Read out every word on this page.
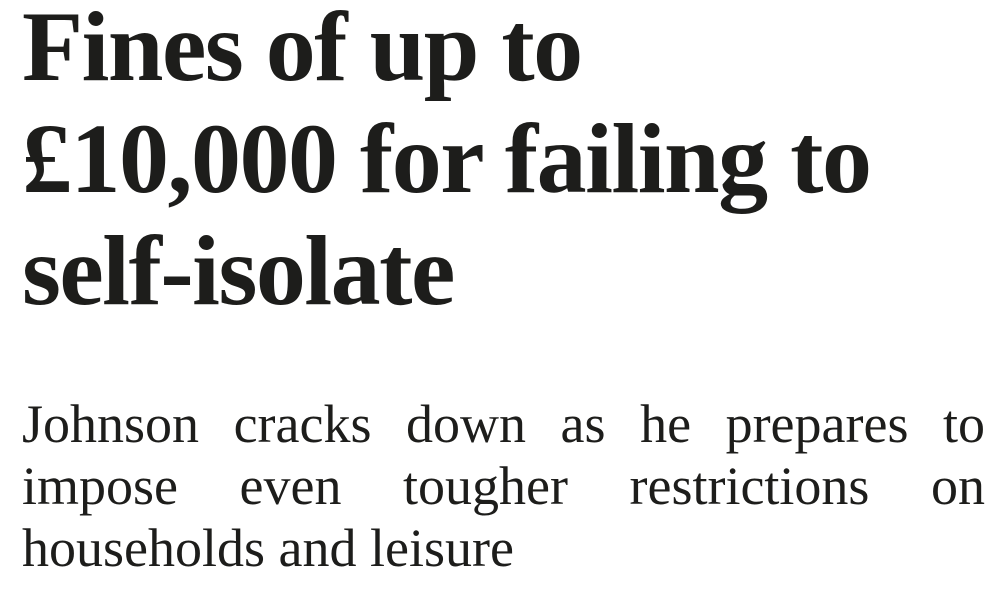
Fines of up to
£10,000 for failing to
self-isolate

Johnson cracks down as he prepares to
impose even tougher restrictions on
households and leisure
